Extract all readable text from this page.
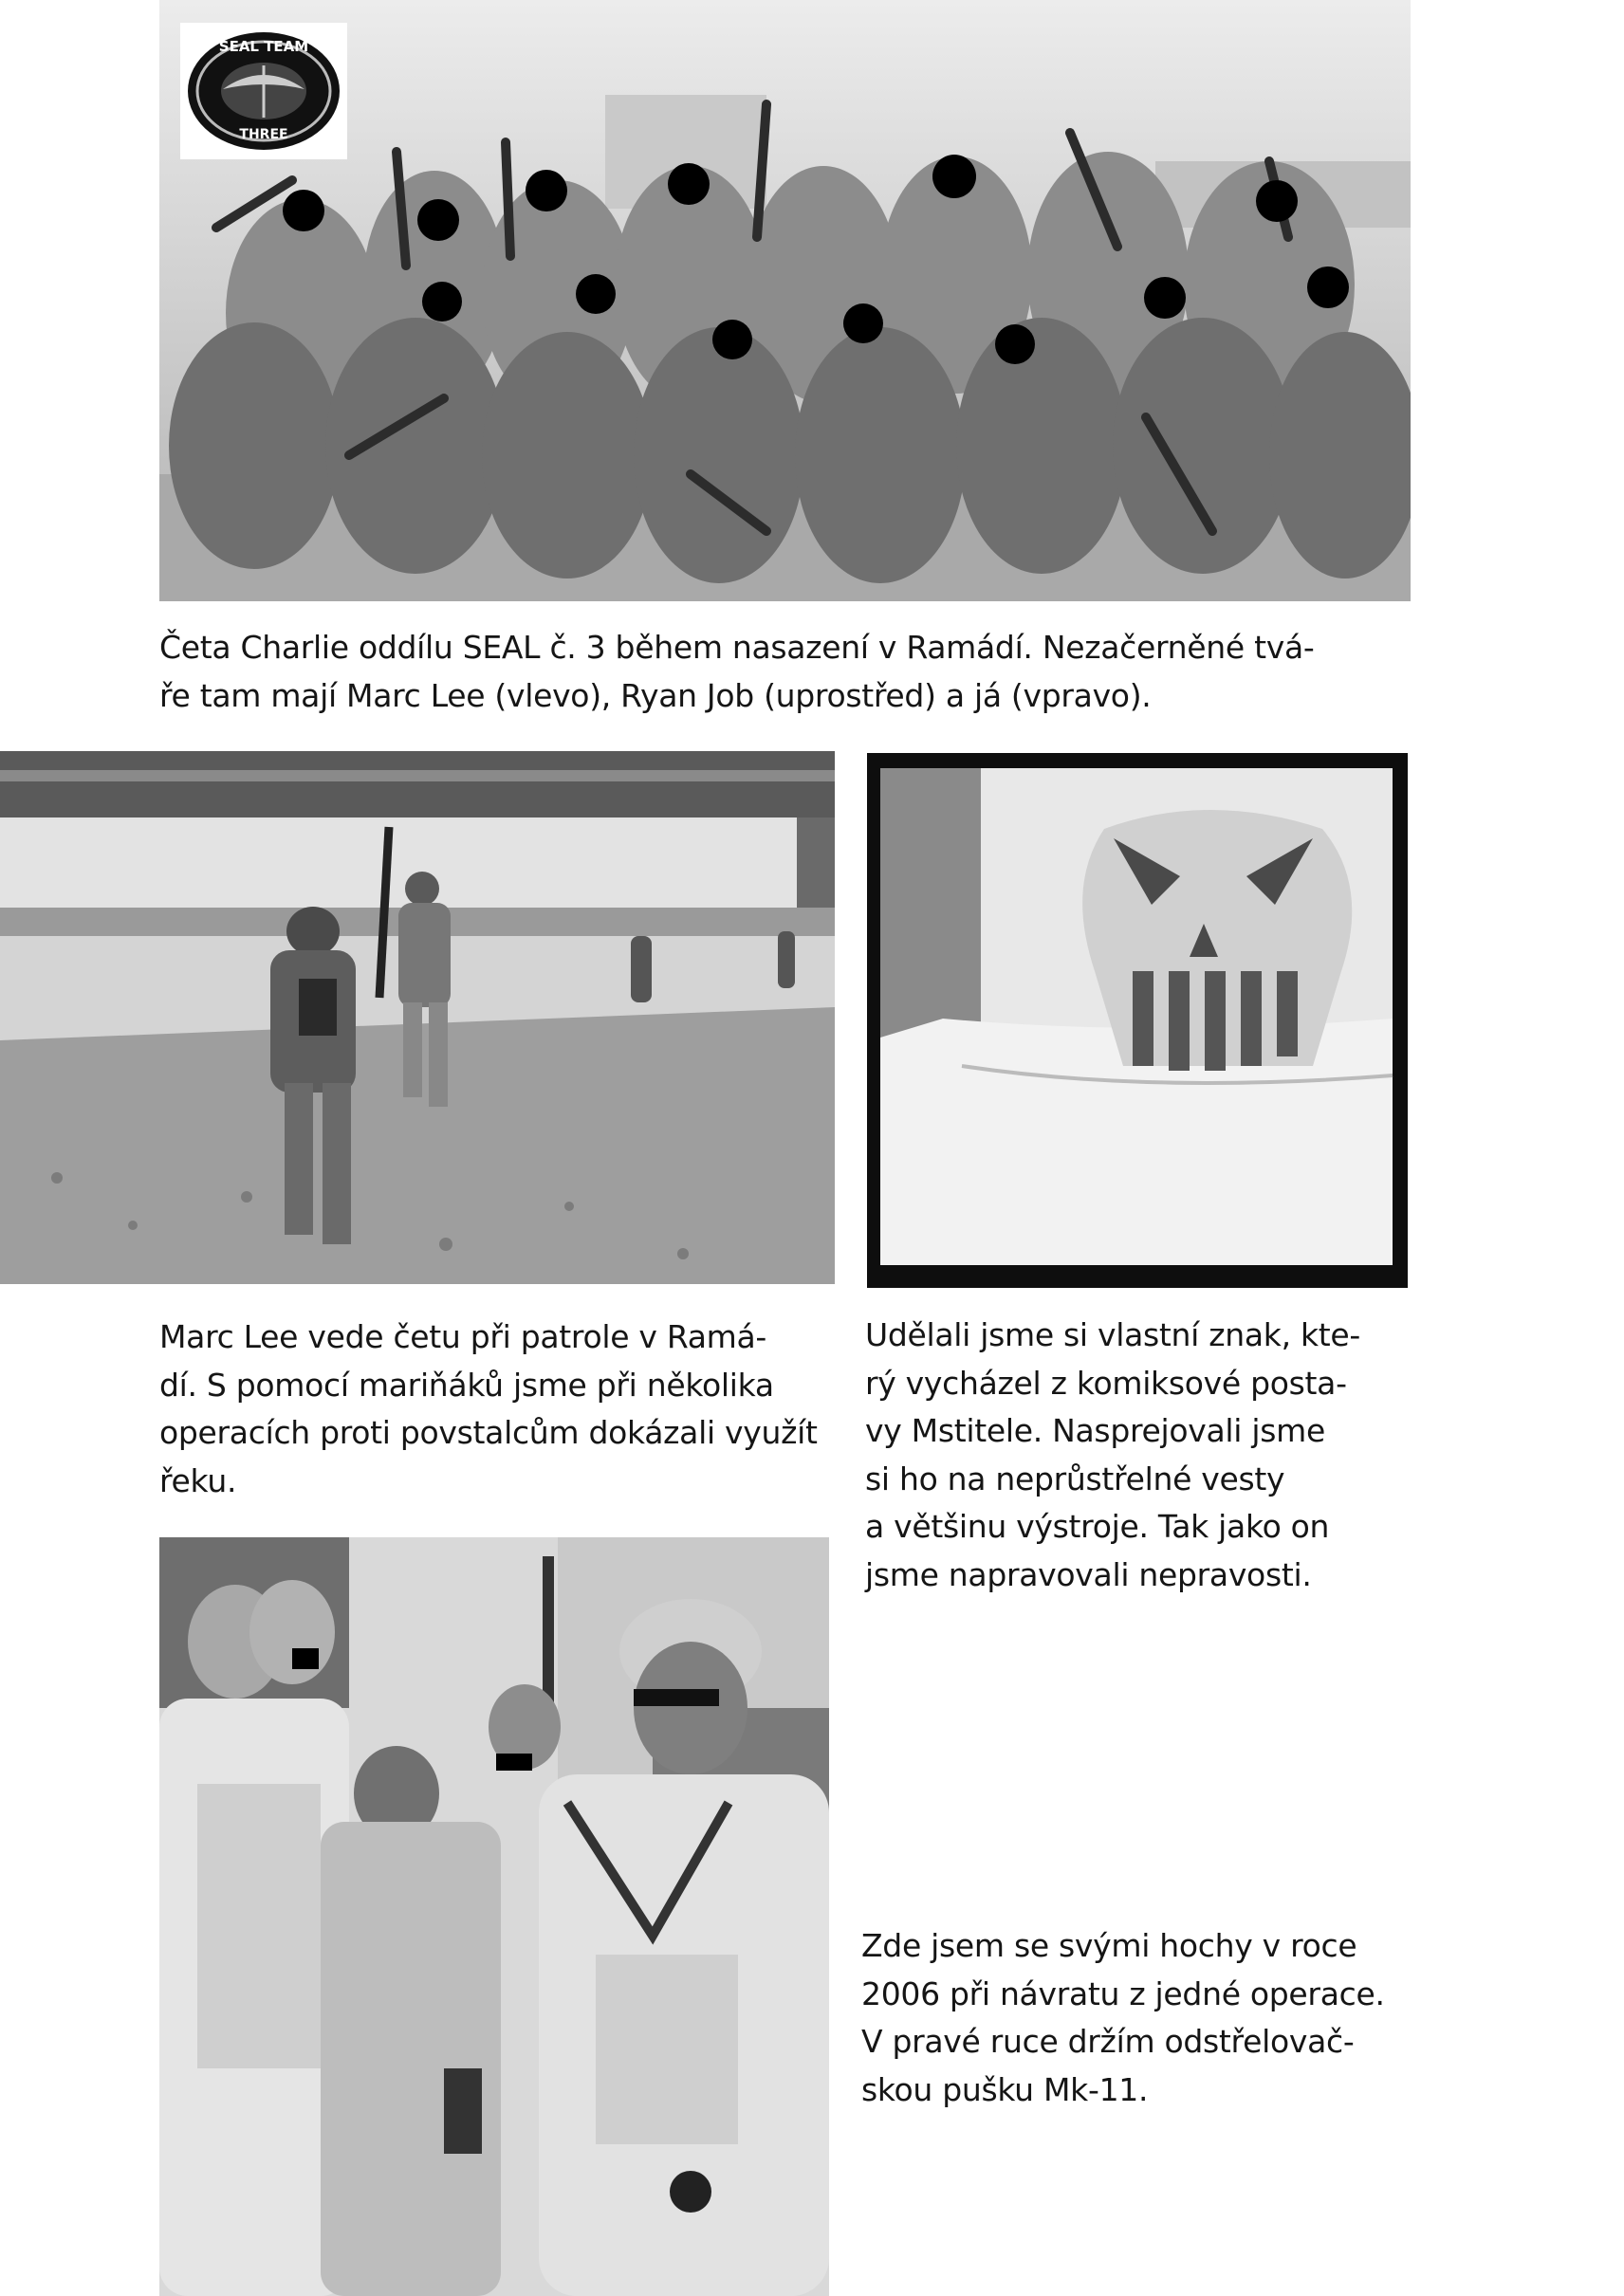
SEAL TEAM
THREE

Četa Charlie oddílu SEAL č. 3 během nasazení v Ramádí. Nezačerněné tvá-
ře tam mají Marc Lee (vlevo), Ryan Job (uprostřed) a já (vpravo).

Marc Lee vede četu při patrole v Ramá-
dí. S pomocí mariňáků jsme při několika
operacích proti povstalcům dokázali využít
řeku.

Udělali jsme si vlastní znak, kte-
rý vycházel z komiksové posta-
vy Mstitele. Nasprejovali jsme
si ho na neprůstřelné vesty
a většinu výstroje. Tak jako on
jsme napravovali nepravosti.

Zde jsem se svými hochy v roce
2006 při návratu z jedné operace.
V pravé ruce držím odstřelovač-
skou pušku Mk-11.
